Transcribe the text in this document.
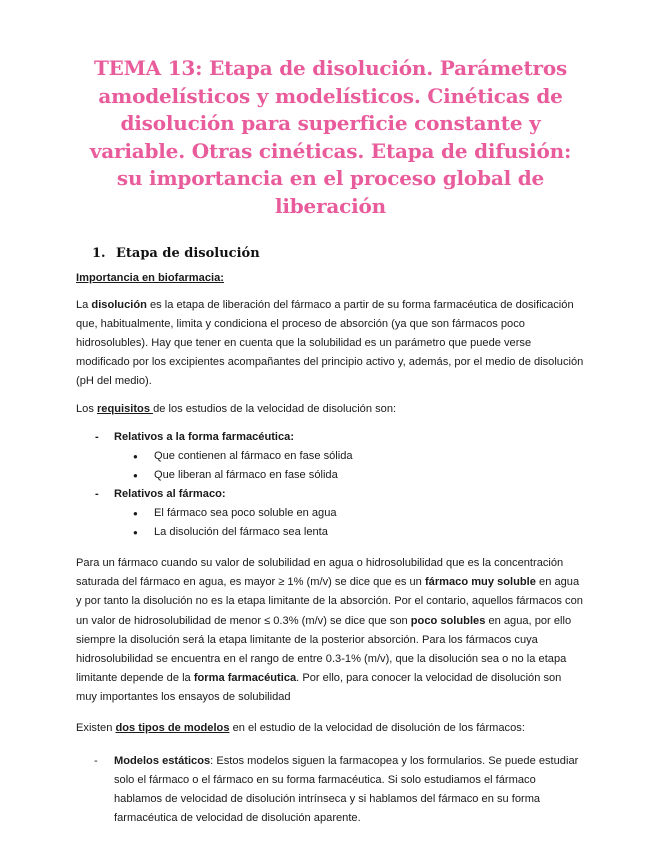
TEMA 13: Etapa de disolución. Parámetros amodelísticos y modelísticos. Cinéticas de disolución para superficie constante y variable. Otras cinéticas. Etapa de difusión: su importancia en el proceso global de liberación
1. Etapa de disolución
Importancia en biofarmacia:

La disolución es la etapa de liberación del fármaco a partir de su forma farmacéutica de dosificación que, habitualmente, limita y condiciona el proceso de absorción (ya que son fármacos poco hidrosolubles). Hay que tener en cuenta que la solubilidad es un parámetro que puede verse modificado por los excipientes acompañantes del principio activo y, además, por el medio de disolución (pH del medio).

Los requisitos de los estudios de la velocidad de disolución son:

- Relativos a la forma farmacéutica:
● Que contienen al fármaco en fase sólida
● Que liberan al fármaco en fase sólida
- Relativos al fármaco:
● El fármaco sea poco soluble en agua
● La disolución del fármaco sea lenta

Para un fármaco cuando su valor de solubilidad en agua o hidrosolubilidad que es la concentración saturada del fármaco en agua, es mayor ≥ 1% (m/v) se dice que es un fármaco muy soluble en agua y por tanto la disolución no es la etapa limitante de la absorción. Por el contario, aquellos fármacos con un valor de hidrosolubilidad de menor ≤ 0.3% (m/v) se dice que son poco solubles en agua, por ello siempre la disolución será la etapa limitante de la posterior absorción. Para los fármacos cuya hidrosolubilidad se encuentra en el rango de entre 0.3-1% (m/v), que la disolución sea o no la etapa limitante depende de la forma farmacéutica. Por ello, para conocer la velocidad de disolución son muy importantes los ensayos de solubilidad

Existen dos tipos de modelos en el estudio de la velocidad de disolución de los fármacos:

- Modelos estáticos: Estos modelos siguen la farmacopea y los formularios. Se puede estudiar solo el fármaco o el fármaco en su forma farmacéutica. Si solo estudiamos el fármaco hablamos de velocidad de disolución intrínseca y si hablamos del fármaco en su forma farmacéutica de velocidad de disolución aparente.
